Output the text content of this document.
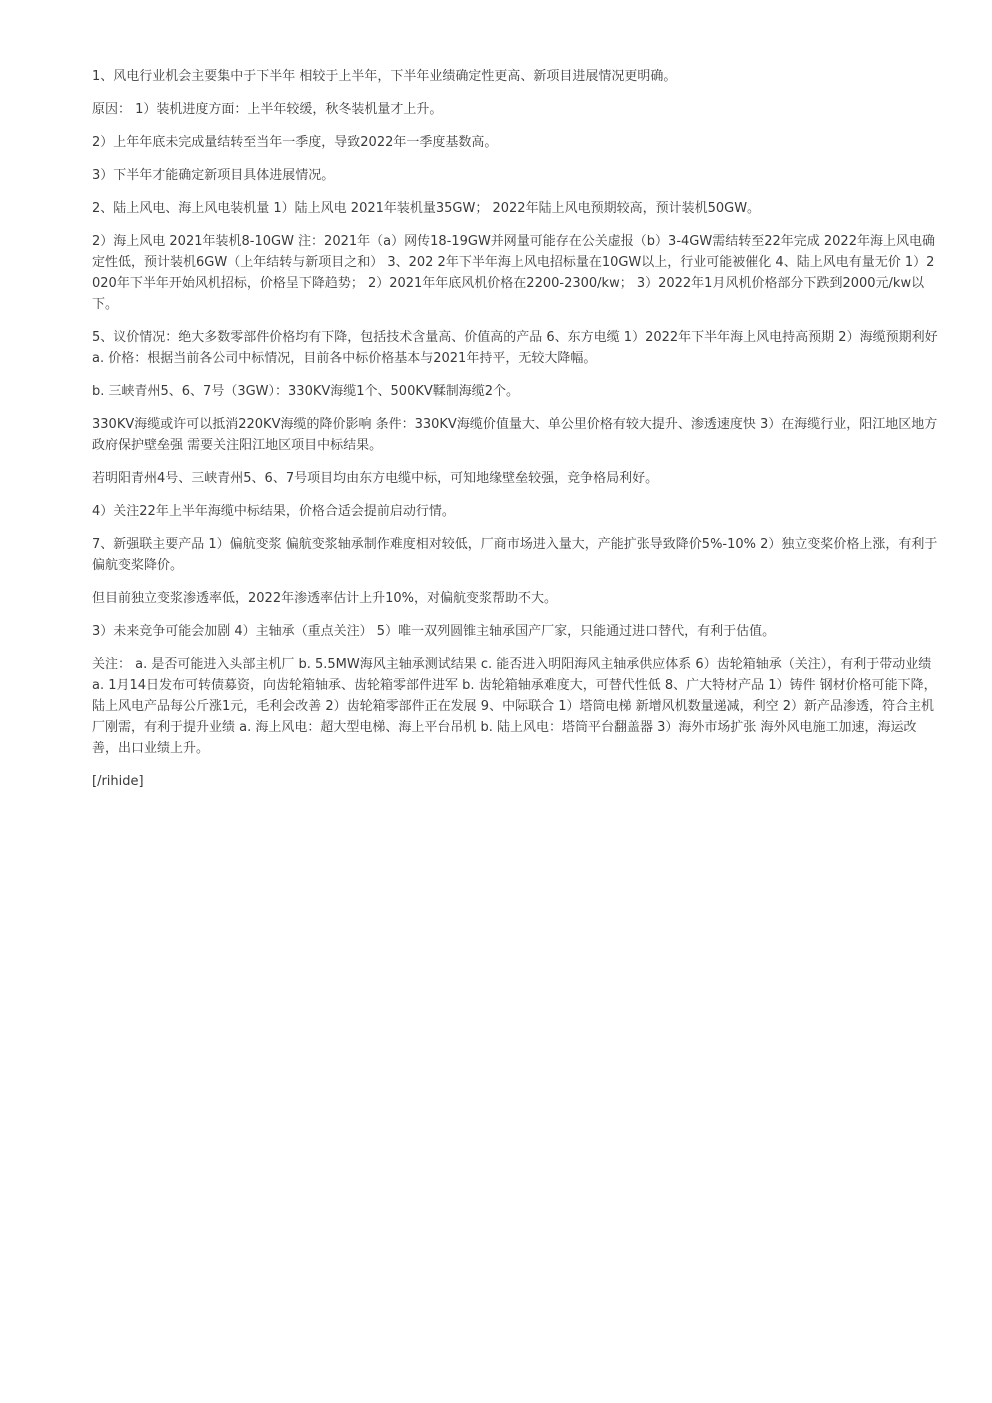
1、风电行业机会主要集中于下半年 相较于上半年，下半年业绩确定性更高、新项目进展情况更明确。

原因： 1）装机进度方面：上半年较缓，秋冬装机量才上升。

2）上年年底未完成量结转至当年一季度，导致2022年一季度基数高。

3）下半年才能确定新项目具体进展情况。

2、陆上风电、海上风电装机量 1）陆上风电 2021年装机量35GW； 2022年陆上风电预期较高，预计装机50GW。

2）海上风电 2021年装机8-10GW 注：2021年（a）网传18-19GW并网量可能存在公关虚报（b）3-4GW需结转至22年完成 2022年海上风电确定性低，预计装机6GW（上年结转与新项目之和） 3、202 2年下半年海上风电招标量在10GW以上，行业可能被催化 4、陆上风电有量无价 1）2020年下半年开始风机招标，价格呈下降趋势； 2）2021年年底风机价格在2200-2300/kw； 3）2022年1月风机价格部分下跌到2000元/kw以下。

5、议价情况：绝大多数零部件价格均有下降，包括技术含量高、价值高的产品 6、东方电缆 1）2022年下半年海上风电持高预期 2）海缆预期利好 a. 价格：根据当前各公司中标情况，目前各中标价格基本与2021年持平，无较大降幅。

b. 三峡青州5、6、7号（3GW）：330KV海缆1个、500KV鞣制海缆2个。

330KV海缆或许可以抵消220KV海缆的降价影响 条件：330KV海缆价值量大、单公里价格有较大提升、渗透速度快 3）在海缆行业，阳江地区地方政府保护壁垒强 需要关注阳江地区项目中标结果。

若明阳青州4号、三峡青州5、6、7号项目均由东方电缆中标，可知地缘壁垒较强，竞争格局利好。

4）关注22年上半年海缆中标结果，价格合适会提前启动行情。

7、新强联主要产品 1）偏航变浆 偏航变浆轴承制作难度相对较低，厂商市场进入量大，产能扩张导致降价5%-10% 2）独立变桨价格上涨，有利于偏航变桨降价。

但目前独立变浆渗透率低，2022年渗透率估计上升10%，对偏航变浆帮助不大。

3）未来竞争可能会加剧 4）主轴承（重点关注） 5）唯一双列圆锥主轴承国产厂家，只能通过进口替代，有利于估值。

关注： a. 是否可能进入头部主机厂 b. 5.5MW海风主轴承测试结果 c. 能否进入明阳海风主轴承供应体系 6）齿轮箱轴承（关注），有利于带动业绩 a. 1月14日发布可转债募资，向齿轮箱轴承、齿轮箱零部件进军 b. 齿轮箱轴承难度大，可替代性低 8、广大特材产品 1）铸件 钢材价格可能下降，陆上风电产品每公斤涨1元，毛利会改善 2）齿轮箱零部件正在发展 9、中际联合 1）塔筒电梯 新增风机数量递减，利空 2）新产品渗透，符合主机厂刚需，有利于提升业绩 a. 海上风电：超大型电梯、海上平台吊机 b. 陆上风电：塔筒平台翻盖器 3）海外市场扩张 海外风电施工加速，海运改善，出口业绩上升。

[/rihide]
